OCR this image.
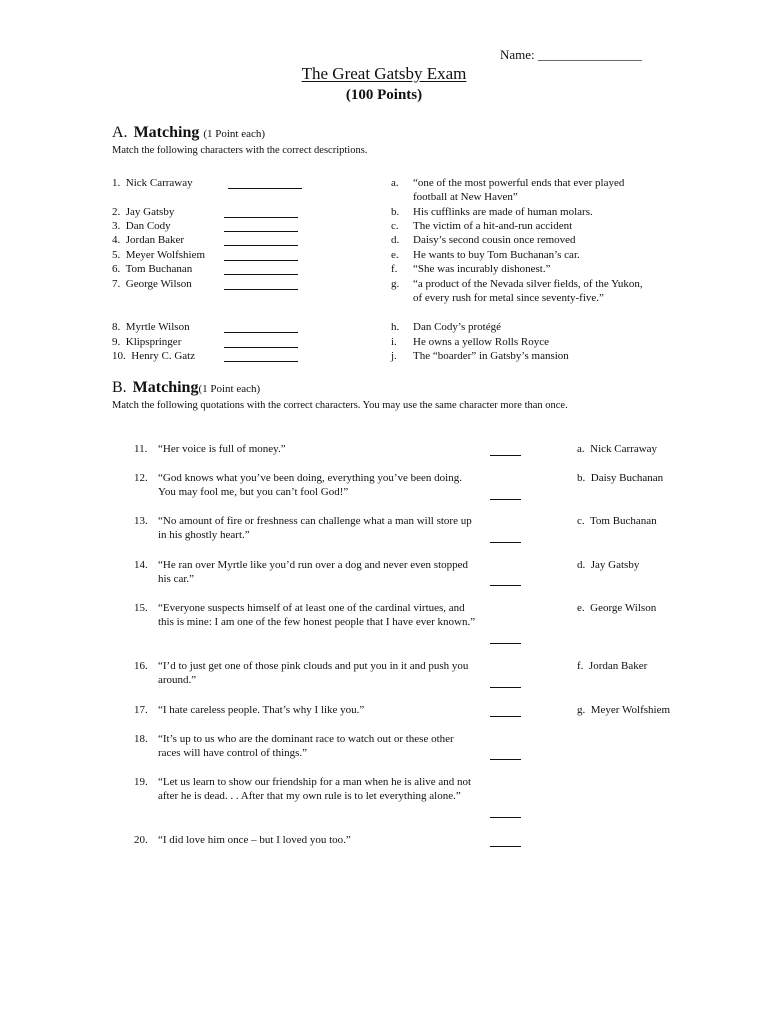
Name: ________________
The Great Gatsby Exam
(100 Points)
A. Matching (1 Point each)
Match the following characters with the correct descriptions.
1. Nick Carraway
2. Jay Gatsby
3. Dan Cody
4. Jordan Baker
5. Meyer Wolfshiem
6. Tom Buchanan
7. George Wilson
8. Myrtle Wilson
9. Klipspringer
10. Henry C. Gatz
a. “one of the most powerful ends that ever played football at New Haven”
b. His cufflinks are made of human molars.
c. The victim of a hit-and-run accident
d. Daisy’s second cousin once removed
e. He wants to buy Tom Buchanan’s car.
f. “She was incurably dishonest.”
g. “a product of the Nevada silver fields, of the Yukon, of every rush for metal since seventy-five.”
h. Dan Cody’s protégé
i. He owns a yellow Rolls Royce
j. The “boarder” in Gatsby’s mansion
B. Matching(1 Point each)
Match the following quotations with the correct characters. You may use the same character more than once.
11. “Her voice is full of money.”
12. “God knows what you’ve been doing, everything you’ve been doing. You may fool me, but you can’t fool God!”
13. “No amount of fire or freshness can challenge what a man will store up in his ghostly heart.”
14. “He ran over Myrtle like you’d run over a dog and never even stopped his car.”
15. “Everyone suspects himself of at least one of the cardinal virtues, and this is mine: I am one of the few honest people that I have ever known.”
16. “I’d to just get one of those pink clouds and put you in it and push you around.”
17. “I hate careless people. That’s why I like you.”
18. “It’s up to us who are the dominant race to watch out or these other races will have control of things.”
19. “Let us learn to show our friendship for a man when he is alive and not after he is dead. . . After that my own rule is to let everything alone.”
20. “I did love him once – but I loved you too.”
a. Nick Carraway
b. Daisy Buchanan
c. Tom Buchanan
d. Jay Gatsby
e. George Wilson
f. Jordan Baker
g. Meyer Wolfshiem
